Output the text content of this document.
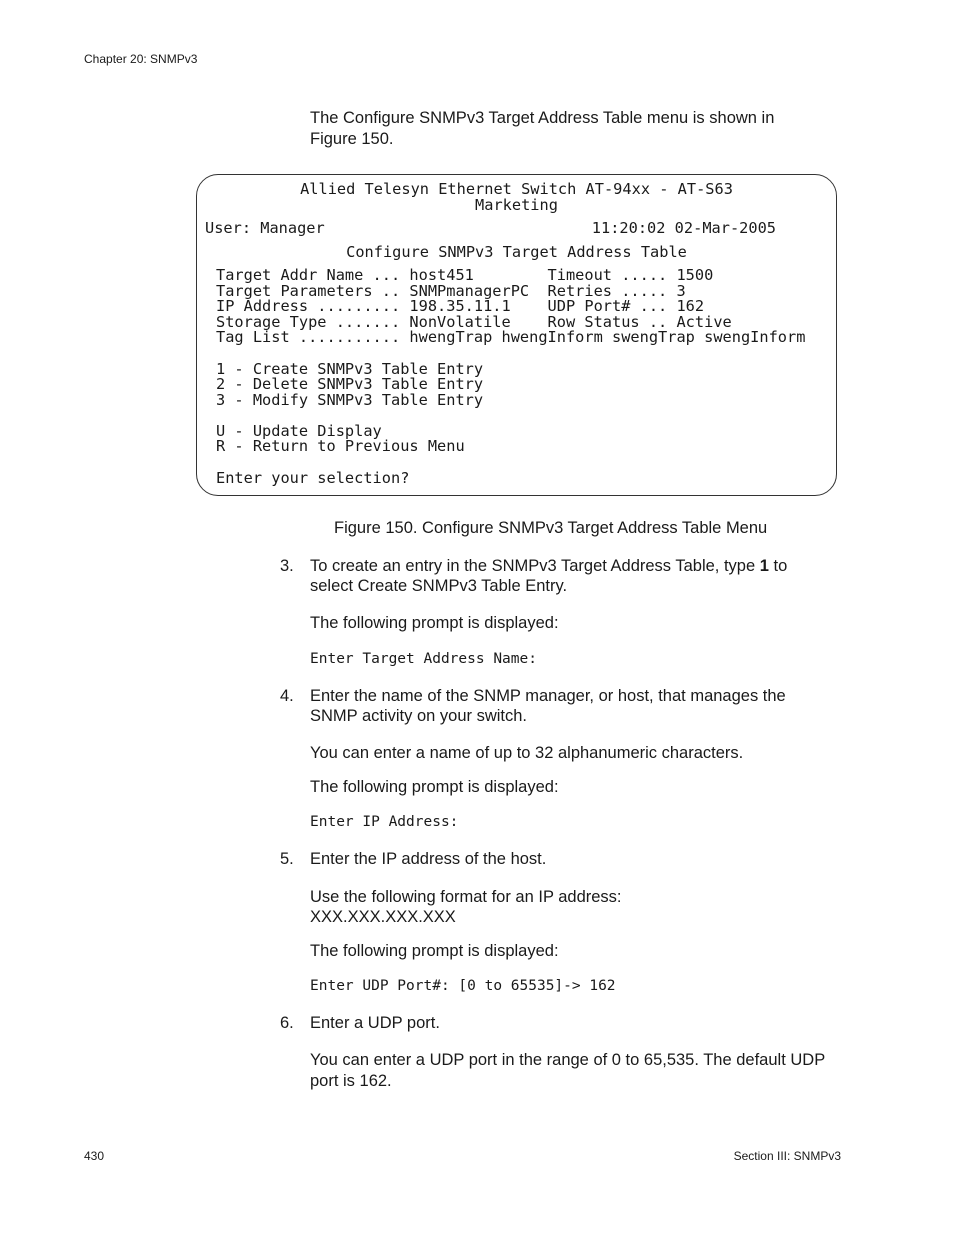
Chapter 20: SNMPv3
The Configure SNMPv3 Target Address Table menu is shown in
Figure 150.
Allied Telesyn Ethernet Switch AT-94xx - AT-S63
Marketing
User: Manager                             11:20:02 02-Mar-2005
Configure SNMPv3 Target Address Table
Target Addr Name ... host451        Timeout ..... 1500
Target Parameters .. SNMPmanagerPC  Retries ..... 3
IP Address ......... 198.35.11.1    UDP Port# ... 162
Storage Type ....... NonVolatile    Row Status .. Active
Tag List ........... hwengTrap hwengInform swengTrap swengInform
1 - Create SNMPv3 Table Entry
2 - Delete SNMPv3 Table Entry
3 - Modify SNMPv3 Table Entry
U - Update Display
R - Return to Previous Menu
Enter your selection?
Figure 150. Configure SNMPv3 Target Address Table Menu
3. To create an entry in the SNMPv3 Target Address Table, type 1 to
select Create SNMPv3 Table Entry.
The following prompt is displayed:
Enter Target Address Name:
4. Enter the name of the SNMP manager, or host, that manages the
SNMP activity on your switch.
You can enter a name of up to 32 alphanumeric characters.
The following prompt is displayed:
Enter IP Address:
5. Enter the IP address of the host.
Use the following format for an IP address:
XXX.XXX.XXX.XXX
The following prompt is displayed:
Enter UDP Port#: [0 to 65535]-> 162
6. Enter a UDP port.
You can enter a UDP port in the range of 0 to 65,535. The default UDP
port is 162.
430	Section III: SNMPv3
